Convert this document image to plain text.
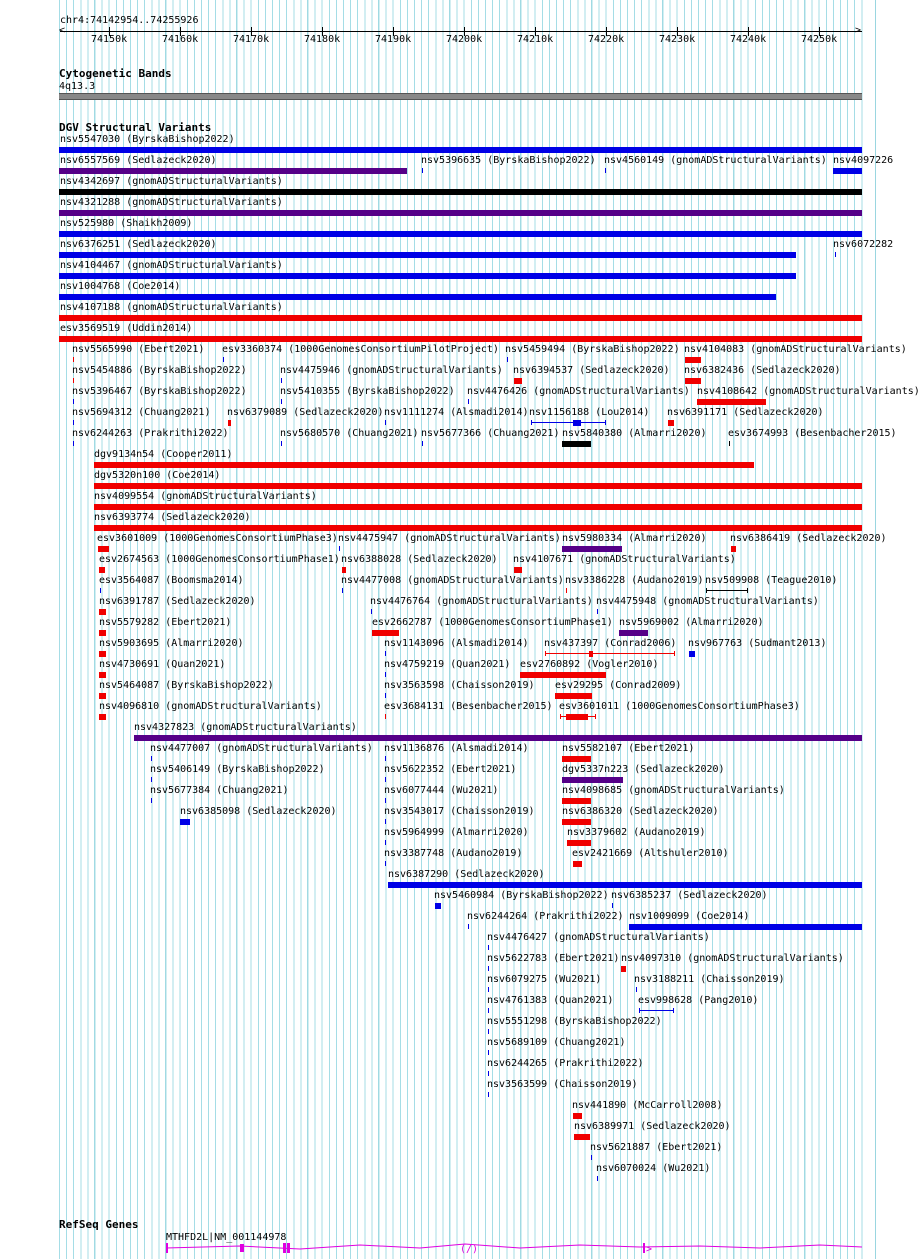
chr4:74142954..74255926
<	>
74150k	74160k	74170k	74180k	74190k	74200k	74210k	74220k	74230k	74240k	74250k
Cytogenetic Bands
4q13.3
DGV Structural Variants
nsv5547030 (ByrskaBishop2022)
nsv6557569 (Sedlazeck2020)	nsv5396635 (ByrskaBishop2022) nsv4560149 (gnomADStructuralVariants) nsv4097226
nsv4342697 (gnomADStructuralVariants)
nsv4321288 (gnomADStructuralVariants)
nsv525980 (Shaikh2009)
nsv6376251 (Sedlazeck2020)	nsv6072282
nsv4104467 (gnomADStructuralVariants)
nsv1004768 (Coe2014)
nsv4107188 (gnomADStructuralVariants)
esv3569519 (Uddin2014)
nsv5565990 (Ebert2021) esv3360374 (1000GenomesConsortiumPilotProject) nsv5459494 (ByrskaBishop2022) nsv4104083 (gnomADStructuralVariants)
nsv5454886 (ByrskaBishop2022)	nsv4475946 (gnomADStructuralVariants) nsv6394537 (Sedlazeck2020) nsv6382436 (Sedlazeck2020)
nsv5396467 (ByrskaBishop2022)	nsv5410355 (ByrskaBishop2022) nsv4476426 (gnomADStructuralVariants) nsv4108642 (gnomADStructuralVariants)
nsv5694312 (Chuang2021) nsv6379089 (Sedlazeck2020) nsv1111274 (Alsmadi2014) nsv1156188 (Lou2014) nsv6391171 (Sedlazeck2020)
nsv6244263 (Prakrithi2022)	nsv5680570 (Chuang2021) nsv5677366 (Chuang2021) nsv5840380 (Almarri2020) esv3674993 (Besenbacher2015)
dgv9134n54 (Cooper2011)
dgv5320n100 (Coe2014)
nsv4099554 (gnomADStructuralVariants)
nsv6393774 (Sedlazeck2020)
esv3601009 (1000GenomesConsortiumPhase3) nsv4475947 (gnomADStructuralVariants) nsv5980334 (Almarri2020) nsv6386419 (Sedlazeck2020)
esv2674563 (1000GenomesConsortiumPhase1) nsv6388028 (Sedlazeck2020) nsv4107671 (gnomADStructuralVariants)
esv3564087 (Boomsma2014)	nsv4477008 (gnomADStructuralVariants) nsv3386228 (Audano2019) nsv509908 (Teague2010)
nsv6391787 (Sedlazeck2020)	nsv4476764 (gnomADStructuralVariants) nsv4475948 (gnomADStructuralVariants)
nsv5579282 (Ebert2021)	esv2662787 (1000GenomesConsortiumPhase1) nsv5969002 (Almarri2020)
nsv5903695 (Almarri2020)	nsv1143096 (Alsmadi2014) nsv437397 (Conrad2006) nsv967763 (Sudmant2013)
nsv4730691 (Quan2021)	nsv4759219 (Quan2021) esv2760892 (Vogler2010)
nsv5464087 (ByrskaBishop2022)	nsv3563598 (Chaisson2019) esv29295 (Conrad2009)
nsv4096810 (gnomADStructuralVariants)	esv3684131 (Besenbacher2015) esv3601011 (1000GenomesConsortiumPhase3)
nsv4327823 (gnomADStructuralVariants)
nsv4477007 (gnomADStructuralVariants) nsv1136876 (Alsmadi2014)	nsv5582107 (Ebert2021)
nsv5406149 (ByrskaBishop2022)	nsv5622352 (Ebert2021)	dgv5337n223 (Sedlazeck2020)
nsv5677384 (Chuang2021)	nsv6077444 (Wu2021)	nsv4098685 (gnomADStructuralVariants)
nsv6385098 (Sedlazeck2020)	nsv3543017 (Chaisson2019)	nsv6386320 (Sedlazeck2020)
nsv5964999 (Almarri2020)	nsv3379602 (Audano2019)
nsv3387748 (Audano2019)	esv2421669 (Altshuler2010)
nsv6387290 (Sedlazeck2020)
nsv5460984 (ByrskaBishop2022) nsv6385237 (Sedlazeck2020)
nsv6244264 (Prakrithi2022) nsv1009099 (Coe2014)
nsv4476427 (gnomADStructuralVariants)
nsv5622783 (Ebert2021) nsv4097310 (gnomADStructuralVariants)
nsv6079275 (Wu2021)	nsv3188211 (Chaisson2019)
nsv4761383 (Quan2021) esv998628 (Pang2010)
nsv5551298 (ByrskaBishop2022)
nsv5689109 (Chuang2021)
nsv6244265 (Prakrithi2022)
nsv3563599 (Chaisson2019)
nsv441890 (McCarroll2008)
nsv6389971 (Sedlazeck2020)
nsv5621887 (Ebert2021)
nsv6070024 (Wu2021)
RefSeq Genes
MTHFD2L|NM_001144978
(/)	>
